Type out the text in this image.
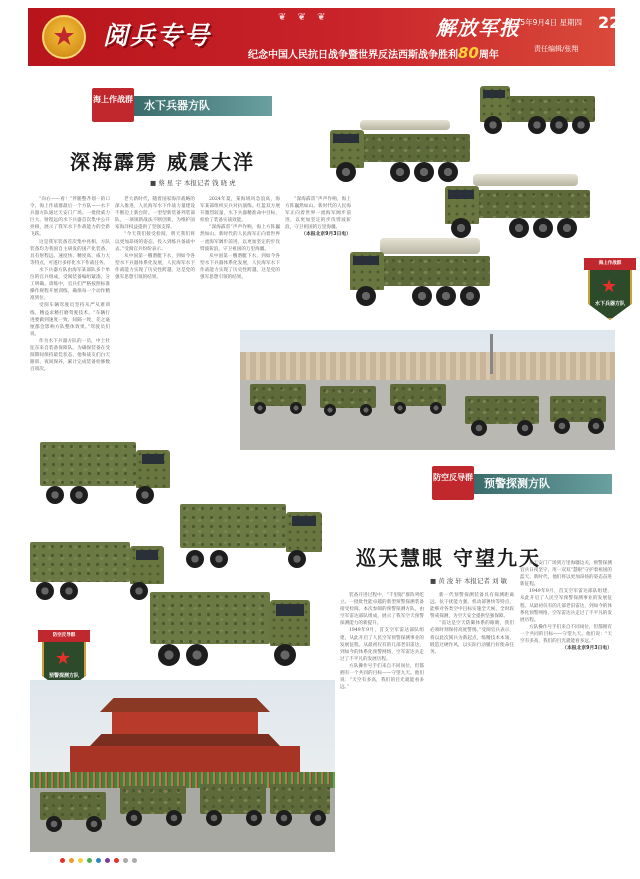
阅兵专号
❦ ❦ ❦	解放军报
2025年9月4日 星期四 22
纪念中国人民抗日战争暨世界反法西斯战争胜利80周年
责任编辑/张翔
水下兵器方队
海上作战群
深海霹雳 威震大洋
■ 蔡 星 宇 本报记者 钱 晓 虎

“向右——看！”伴随整齐划一的口令，海上作战群最后一个方队——水下兵器方队通过天安门广场。一批批威力巨大、射程远的水下兵器首次集中公开亮相，展示了我军水下作战能力的全新飞跃。

这是我军装备首次集中亮相。方队装备均为我国自主研发的国产化装备，具有射程远、速度快、精度高、威力大等特点，可遂行多样化水下作战任务。

水下兵器方队由海军某部队多个单位的官兵组成，受阅装备编组紧凑、分工明确。训练中，官兵们严格按照标准操作规程开展训练，确保每一个动作精准到位。

受阅车辆驾驶员坚持从严从难训练，精益求精打磨驾驶技术。“车辆行进要做到速度一致、间隔一致，差之毫厘都会影响方队整体效果。”驾驶员们说。

作为水下兵器方队的一员，中士杜征东来自装备保障队。为确保装备在受阅期间保持最佳状态，他和战友们白天跟训、夜间保养，累计完成装备检修数百项次。

老大新时代，随着国家海洋战略的深入推进，人民海军水下作战力量建设不断迈上新台阶。一型型新装备列装部队，一项项新战法不断创新，为维护国家海洋权益提供了坚强支撑。

“今天我们接受检阅，明天我们将以更加昂扬的姿态，投入到练兵备战中去。”受阅官兵纷纷表示。

从中国第一艘潜艇下水，到如今各型水下兵器体系化发展，人民海军水下作战能力实现了历史性跨越，这是党的强军思想引领的结果。

2024年夏，某海域风急浪高，海军某部组织实兵对抗演练。红蓝双方展开激烈较量，水下兵器精准命中目标，检验了装备实战效能。

“深海霹雳”声声作响，海上方阵巍然如山。新时代的人民海军正向着世界一流海军阔步前进，以更加坚定的步伐劈波斩浪，守卫祖国的万里海疆。

从中国第一艘潜艇下水，到如今各型水下兵器体系化发展，人民海军水下作战能力实现了历史性跨越，这是党的强军思想引领的结果。

“深海霹雳”声声作响，海上方阵巍然如山。新时代的人民海军正向着世界一流海军阔步前进，以更加坚定的步伐劈波斩浪，守卫祖国的万里海疆。

（本报北京9月3日电）
海上作战群
★
水下兵器方队
预警探测方队
防空反导群
巡天慧眼 守望九天
■ 黄 浚 轩 本报记者 刘 敏

装备开进过程中，“千里眼”群阵列屹立。一批批性能卓越的新型预警探测装备接受检阅。本次参阅的预警探测方队，由空军雷达部队组成，展示了我军空天预警探测能力的新提升。

1949年9月，首支空军雷达部队组建，从此开启了人民空军预警探测事业的发展征程。从最初仅有的几部老旧雷达，到如今的体系化预警网络，空军雷达兵走过了不平凡的发展历程。

方队操作号手们来自不同岗位，但都拥有一个共同的目标——守望九天。他们说：“天空有多高，我们的目光就能看多远。”

新一代预警探测装备具有探测距离远、抗干扰能力强、机动部署快等特点，能够对各类空中目标实施全天候、全时段警戒探测，为空天安全提供坚强保障。

“雷达是空天防御体系的眼睛，我们必须时刻保持高度警惕。”受阅官兵表示，将以此次阅兵为新起点，练精技术本领，锻造过硬作风，以实际行动履行好使命任务。

从天安门广场到万里海疆边关，预警探测官兵日夜坚守，用一双双“慧眼”守护着祖国的蓝天。新时代，他们将以更加昂扬的姿态奋进新征程。

1949年9月，首支空军雷达部队组建，从此开启了人民空军预警探测事业的发展征程。从最初仅有的几部老旧雷达，到如今的体系化预警网络，空军雷达兵走过了不平凡的发展历程。

方队操作号手们来自不同岗位，但都拥有一个共同的目标——守望九天。他们说：“天空有多高，我们的目光就能看多远。”

（本报北京9月3日电）
防空反导群
★
预警探测方队
